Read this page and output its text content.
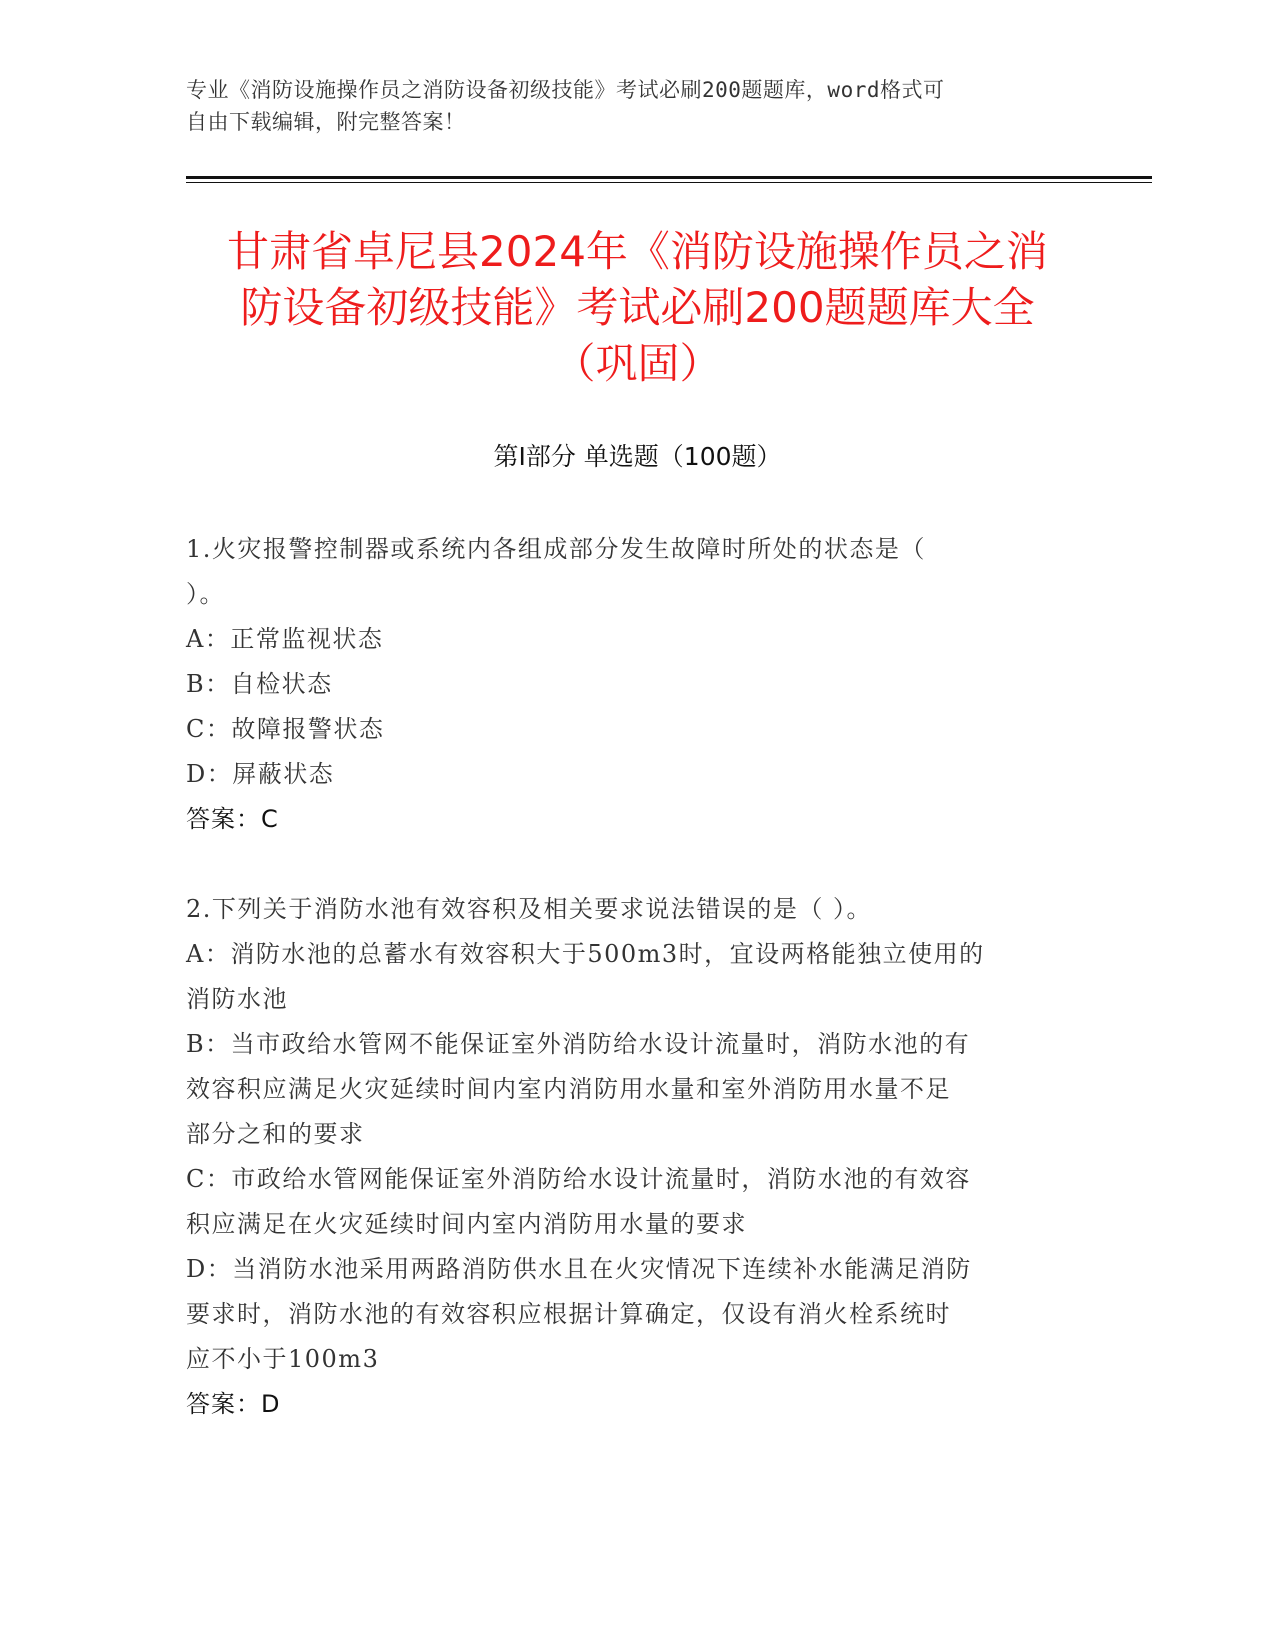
专业《消防设施操作员之消防设备初级技能》考试必刷200题题库，word格式可
自由下载编辑，附完整答案！
甘肃省卓尼县2024年《消防设施操作员之消
防设备初级技能》考试必刷200题题库大全
（巩固）
第Ⅰ部分 单选题（100题）

1.火灾报警控制器或系统内各组成部分发生故障时所处的状态是（

）。

A：正常监视状态

B：自检状态

C：故障报警状态

D：屏蔽状态

答案：C

2.下列关于消防水池有效容积及相关要求说法错误的是（ ）。

A：消防水池的总蓄水有效容积大于500m3时，宜设两格能独立使用的

消防水池

B：当市政给水管网不能保证室外消防给水设计流量时，消防水池的有

效容积应满足火灾延续时间内室内消防用水量和室外消防用水量不足

部分之和的要求

C：市政给水管网能保证室外消防给水设计流量时，消防水池的有效容

积应满足在火灾延续时间内室内消防用水量的要求

D：当消防水池采用两路消防供水且在火灾情况下连续补水能满足消防

要求时，消防水池的有效容积应根据计算确定，仅设有消火栓系统时

应不小于100m3

答案：D
